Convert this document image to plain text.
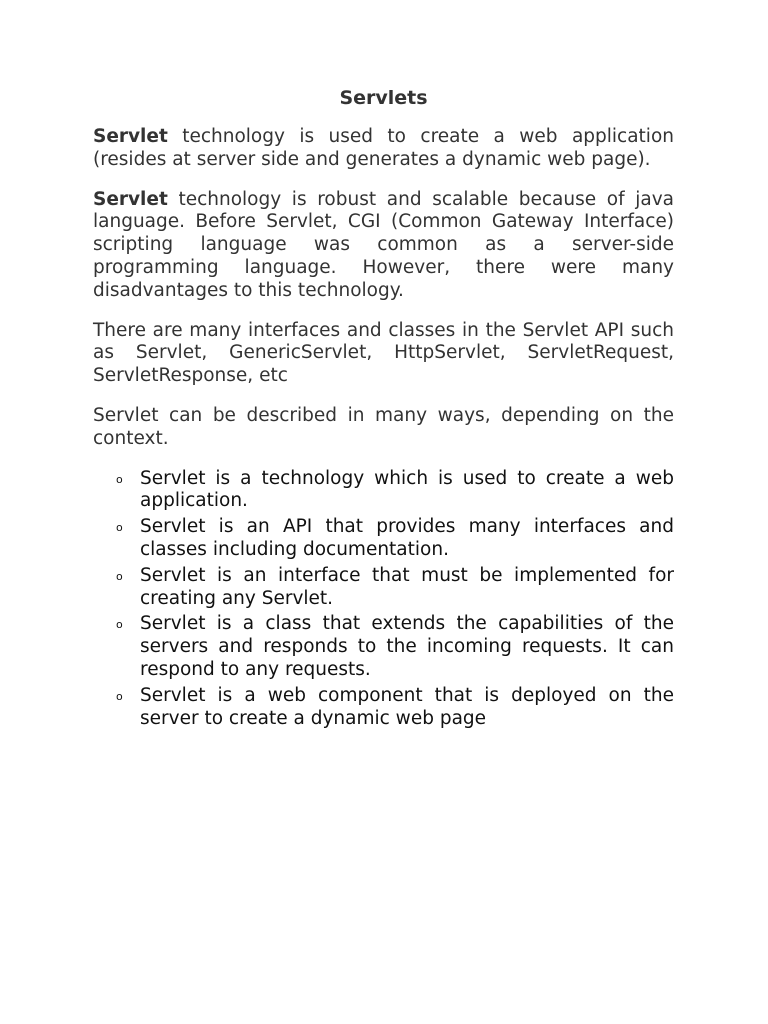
Servlets

Servlet technology is used to create a web application (resides at server side and generates a dynamic web page).

Servlet technology is robust and scalable because of java language. Before Servlet, CGI (Common Gateway Interface) scripting language was common as a server-side programming language. However, there were many disadvantages to this technology.

There are many interfaces and classes in the Servlet API such as Servlet, GenericServlet, HttpServlet, ServletRequest, ServletResponse, etc

Servlet can be described in many ways, depending on the context.

o Servlet is a technology which is used to create a web application.
o Servlet is an API that provides many interfaces and classes including documentation.
o Servlet is an interface that must be implemented for creating any Servlet.
o Servlet is a class that extends the capabilities of the servers and responds to the incoming requests. It can respond to any requests.
o Servlet is a web component that is deployed on the server to create a dynamic web page
